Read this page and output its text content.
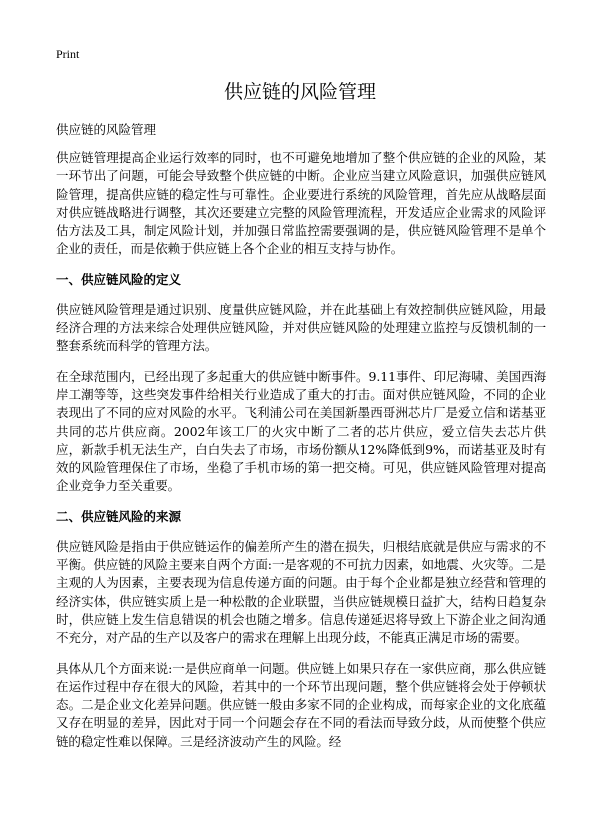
Print
供应链的风险管理
供应链的风险管理

供应链管理提高企业运行效率的同时，也不可避免地增加了整个供应链的企业的风险，某一环节出了问题，可能会导致整个供应链的中断。企业应当建立风险意识，加强供应链风险管理，提高供应链的稳定性与可靠性。企业要进行系统的风险管理，首先应从战略层面对供应链战略进行调整，其次还要建立完整的风险管理流程，开发适应企业需求的风险评估方法及工具，制定风险计划，并加强日常监控需要强调的是，供应链风险管理不是单个企业的责任，而是依赖于供应链上各个企业的相互支持与协作。

一、供应链风险的定义

供应链风险管理是通过识别、度量供应链风险，并在此基础上有效控制供应链风险，用最经济合理的方法来综合处理供应链风险，并对供应链风险的处理建立监控与反馈机制的一整套系统而科学的管理方法。

在全球范围内，已经出现了多起重大的供应链中断事件。9.11事件、印尼海啸、美国西海岸工潮等等，这些突发事件给相关行业造成了重大的打击。面对供应链风险，不同的企业表现出了不同的应对风险的水平。飞利浦公司在美国新墨西哥洲芯片厂是爱立信和诺基亚共同的芯片供应商。2002年该工厂的火灾中断了二者的芯片供应，爱立信失去芯片供应，新款手机无法生产，白白失去了市场，市场份额从12%降低到9%，而诺基亚及时有效的风险管理保住了市场，坐稳了手机市场的第一把交椅。可见，供应链风险管理对提高企业竞争力至关重要。

二、供应链风险的来源

供应链风险是指由于供应链运作的偏差所产生的潜在损失，归根结底就是供应与需求的不平衡。供应链的风险主要来自两个方面:一是客观的不可抗力因素，如地震、火灾等。二是主观的人为因素，主要表现为信息传递方面的问题。由于每个企业都是独立经营和管理的经济实体，供应链实质上是一种松散的企业联盟，当供应链规模日益扩大，结构日趋复杂时，供应链上发生信息错误的机会也随之增多。信息传递延迟将导致上下游企业之间沟通不充分，对产品的生产以及客户的需求在理解上出现分歧，不能真正满足市场的需要。

具体从几个方面来说:一是供应商单一问题。供应链上如果只存在一家供应商，那么供应链在运作过程中存在很大的风险，若其中的一个环节出现问题，整个供应链将会处于停顿状态。二是企业文化差异问题。供应链一般由多家不同的企业构成，而每家企业的文化底蕴又存在明显的差异，因此对于同一个问题会存在不同的看法而导致分歧，从而使整个供应链的稳定性难以保障。三是经济波动产生的风险。经
